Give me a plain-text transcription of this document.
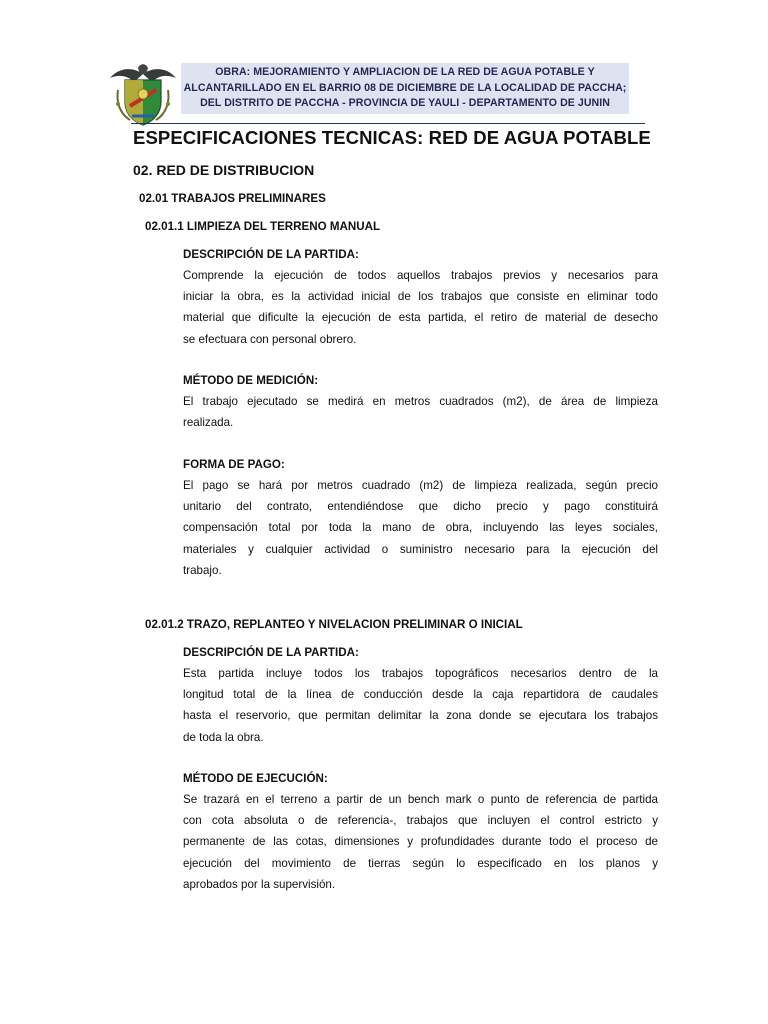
OBRA: MEJORAMIENTO Y AMPLIACION DE LA RED DE AGUA POTABLE Y
ALCANTARILLADO EN EL BARRIO 08 DE DICIEMBRE DE LA LOCALIDAD DE PACCHA;
DEL DISTRITO DE PACCHA - PROVINCIA DE YAULI - DEPARTAMENTO DE JUNIN
ESPECIFICACIONES TECNICAS: RED DE AGUA POTABLE
02. RED DE DISTRIBUCION
02.01 TRABAJOS PRELIMINARES
02.01.1 LIMPIEZA DEL TERRENO MANUAL
DESCRIPCIÓN DE LA PARTIDA:
Comprende la ejecución de todos aquellos trabajos previos y necesarios para
iniciar la obra, es la actividad inicial de los trabajos que consiste en eliminar todo
material que dificulte la ejecución de esta partida, el retiro de material de desecho
se efectuara con personal obrero.
MÉTODO DE MEDICIÓN:
El trabajo ejecutado se medirá en metros cuadrados (m2), de área de limpieza
realizada.
FORMA DE PAGO:
El pago se hará por metros cuadrado (m2) de limpieza realizada, según precio
unitario del contrato, entendiéndose que dicho precio y pago constituirá
compensación total por toda la mano de obra, incluyendo las leyes sociales,
materiales y cualquier actividad o suministro necesario para la ejecución del
trabajo.
02.01.2 TRAZO, REPLANTEO Y NIVELACION PRELIMINAR O INICIAL
DESCRIPCIÓN DE LA PARTIDA:
Esta partida incluye todos los trabajos topográficos necesarios dentro de la
longitud total de la línea de conducción desde la caja repartidora de caudales
hasta el reservorio, que permitan delimitar la zona donde se ejecutara los trabajos
de toda la obra.
MÉTODO DE EJECUCIÓN:
Se trazará en el terreno a partir de un bench mark o punto de referencia de partida
con cota absoluta o de referencia-, trabajos que incluyen el control estricto y
permanente de las cotas, dimensiones y profundidades durante todo el proceso de
ejecución del movimiento de tierras según lo especificado en los planos y
aprobados por la supervisión.
